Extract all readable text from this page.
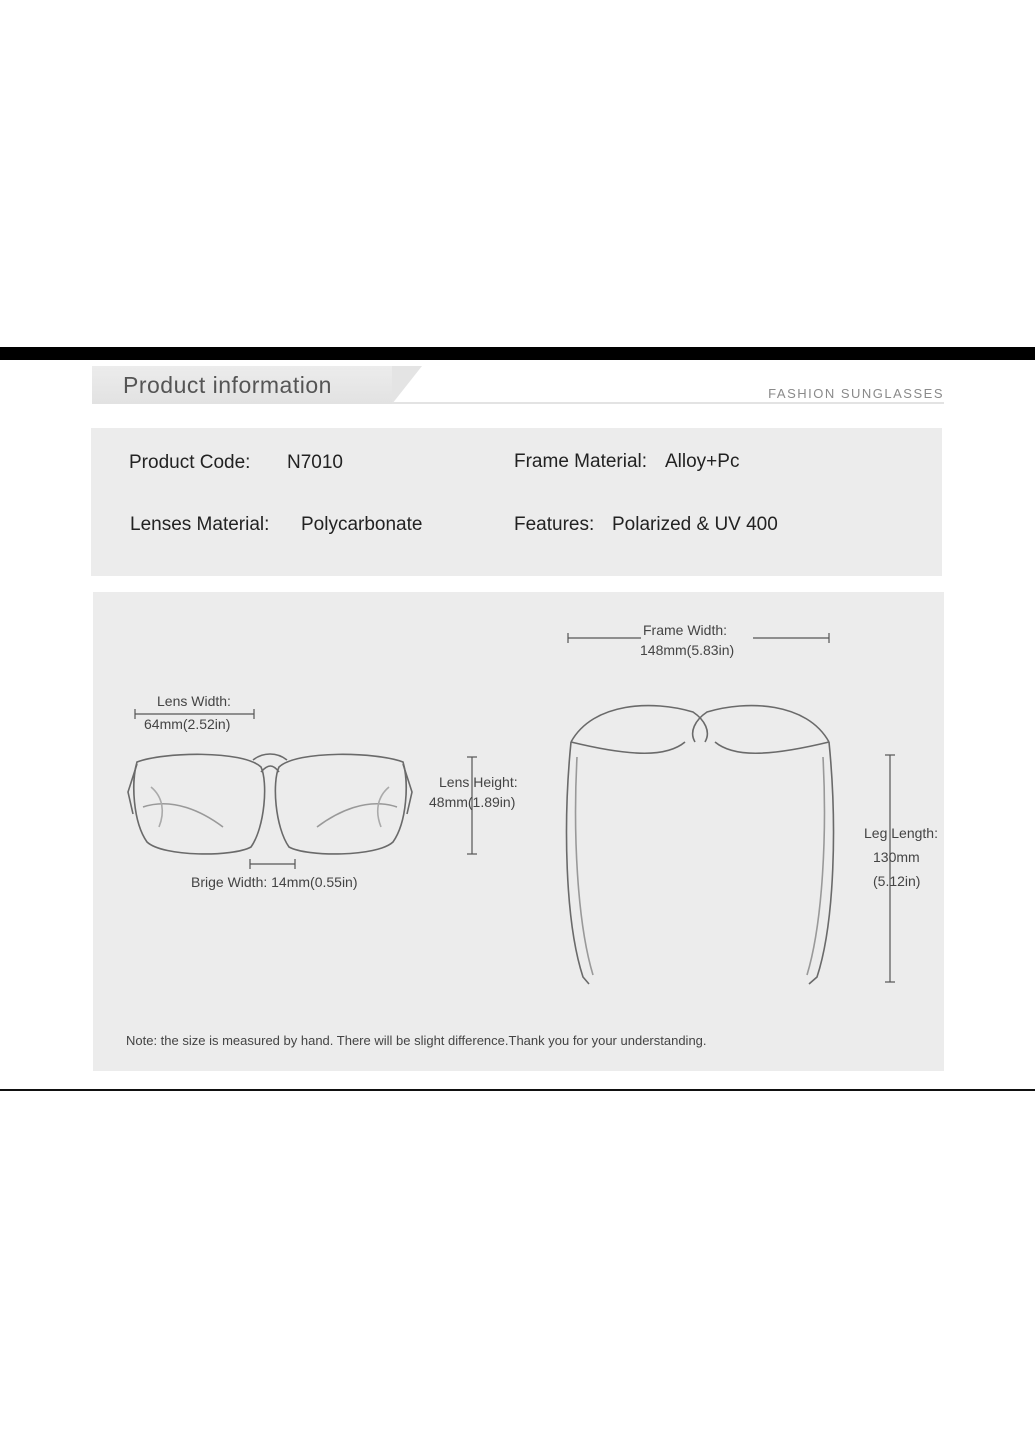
Product information	FASHION SUNGLASSES
Product Code: N7010	Frame Material: Alloy+Pc
Lenses Material: Polycarbonate	Features: Polarized & UV 400
Lens Width:
64mm(2.52in)
Lens Height:
48mm(1.89in)
Brige Width: 14mm(0.55in)
Frame Width:
148mm(5.83in)
Leg Length:
130mm
(5.12in)
Note: the size is measured by hand. There will be slight difference.Thank you for your understanding.
